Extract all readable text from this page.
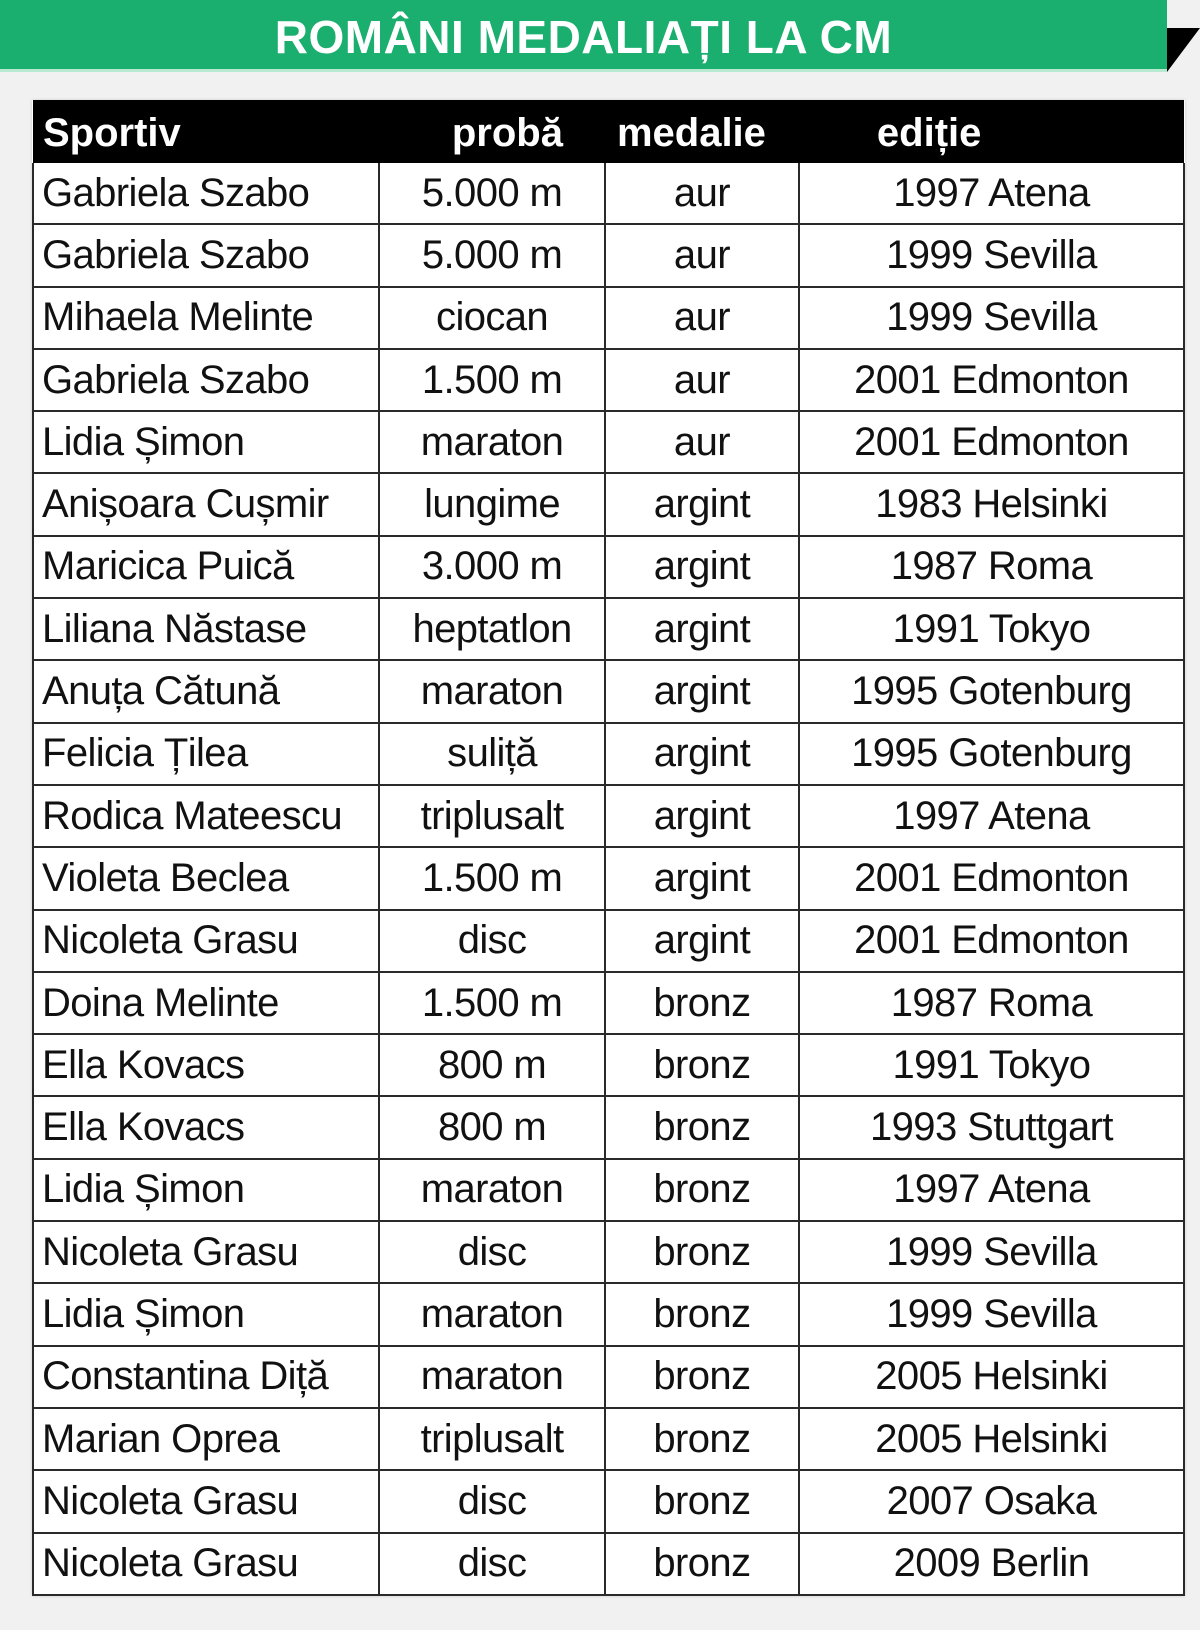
ROMÂNI MEDALIAȚI LA CM
Sportiv	probă	medalie	ediție
Gabriela Szabo	5.000 m	aur	1997 Atena
Gabriela Szabo	5.000 m	aur	1999 Sevilla
Mihaela Melinte	ciocan	aur	1999 Sevilla
Gabriela Szabo	1.500 m	aur	2001 Edmonton
Lidia Șimon	maraton	aur	2001 Edmonton
Anișoara Cușmir	lungime	argint	1983 Helsinki
Maricica Puică	3.000 m	argint	1987 Roma
Liliana Năstase	heptatlon	argint	1991 Tokyo
Anuța Cătună	maraton	argint	1995 Gotenburg
Felicia Țilea	suliță	argint	1995 Gotenburg
Rodica Mateescu	triplusalt	argint	1997 Atena
Violeta Beclea	1.500 m	argint	2001 Edmonton
Nicoleta Grasu	disc	argint	2001 Edmonton
Doina Melinte	1.500 m	bronz	1987 Roma
Ella Kovacs	800 m	bronz	1991 Tokyo
Ella Kovacs	800 m	bronz	1993 Stuttgart
Lidia Șimon	maraton	bronz	1997 Atena
Nicoleta Grasu	disc	bronz	1999 Sevilla
Lidia Șimon	maraton	bronz	1999 Sevilla
Constantina Diță	maraton	bronz	2005 Helsinki
Marian Oprea	triplusalt	bronz	2005 Helsinki
Nicoleta Grasu	disc	bronz	2007 Osaka
Nicoleta Grasu	disc	bronz	2009 Berlin
